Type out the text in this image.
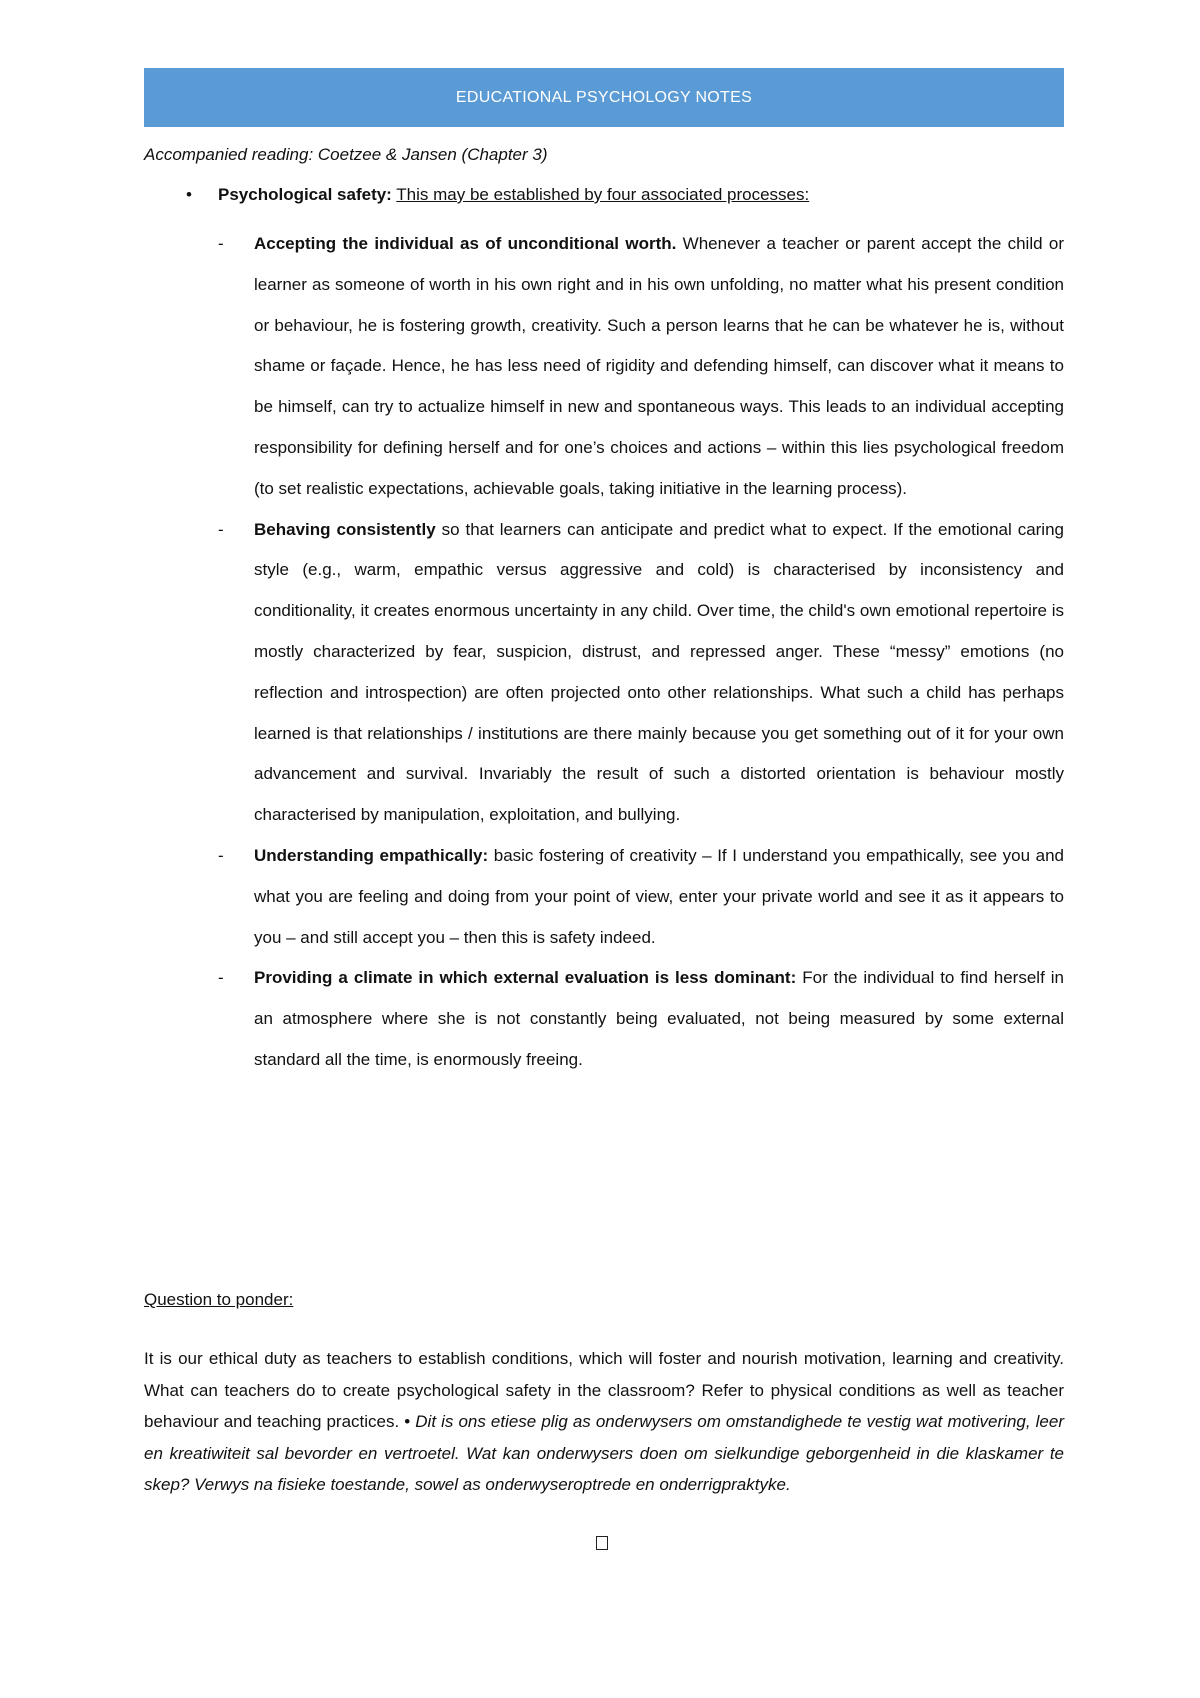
EDUCATIONAL PSYCHOLOGY NOTES
Accompanied reading: Coetzee & Jansen (Chapter 3)
• Psychological safety: This may be established by four associated processes:

- Accepting the individual as of unconditional worth. Whenever a teacher or parent accept the child or learner as someone of worth in his own right and in his own unfolding, no matter what his present condition or behaviour, he is fostering growth, creativity. Such a person learns that he can be whatever he is, without shame or façade. Hence, he has less need of rigidity and defending himself, can discover what it means to be himself, can try to actualize himself in new and spontaneous ways. This leads to an individual accepting responsibility for defining herself and for one’s choices and actions – within this lies psychological freedom (to set realistic expectations, achievable goals, taking initiative in the learning process).

- Behaving consistently so that learners can anticipate and predict what to expect. If the emotional caring style (e.g., warm, empathic versus aggressive and cold) is characterised by inconsistency and conditionality, it creates enormous uncertainty in any child. Over time, the child's own emotional repertoire is mostly characterized by fear, suspicion, distrust, and repressed anger. These “messy” emotions (no reflection and introspection) are often projected onto other relationships. What such a child has perhaps learned is that relationships / institutions are there mainly because you get something out of it for your own advancement and survival. Invariably the result of such a distorted orientation is behaviour mostly characterised by manipulation, exploitation, and bullying.

- Understanding empathically: basic fostering of creativity – If I understand you empathically, see you and what you are feeling and doing from your point of view, enter your private world and see it as it appears to you – and still accept you – then this is safety indeed.

- Providing a climate in which external evaluation is less dominant: For the individual to find herself in an atmosphere where she is not constantly being evaluated, not being measured by some external standard all the time, is enormously freeing.

Question to ponder:

It is our ethical duty as teachers to establish conditions, which will foster and nourish motivation, learning and creativity. What can teachers do to create psychological safety in the classroom? Refer to physical conditions as well as teacher behaviour and teaching practices. • Dit is ons etiese plig as onderwysers om omstandighede te vestig wat motivering, leer en kreatiwiteit sal bevorder en vertroetel. Wat kan onderwysers doen om sielkundige geborgenheid in die klaskamer te skep? Verwys na fisieke toestande, sowel as onderwyseroptrede en onderrigpraktyke.
